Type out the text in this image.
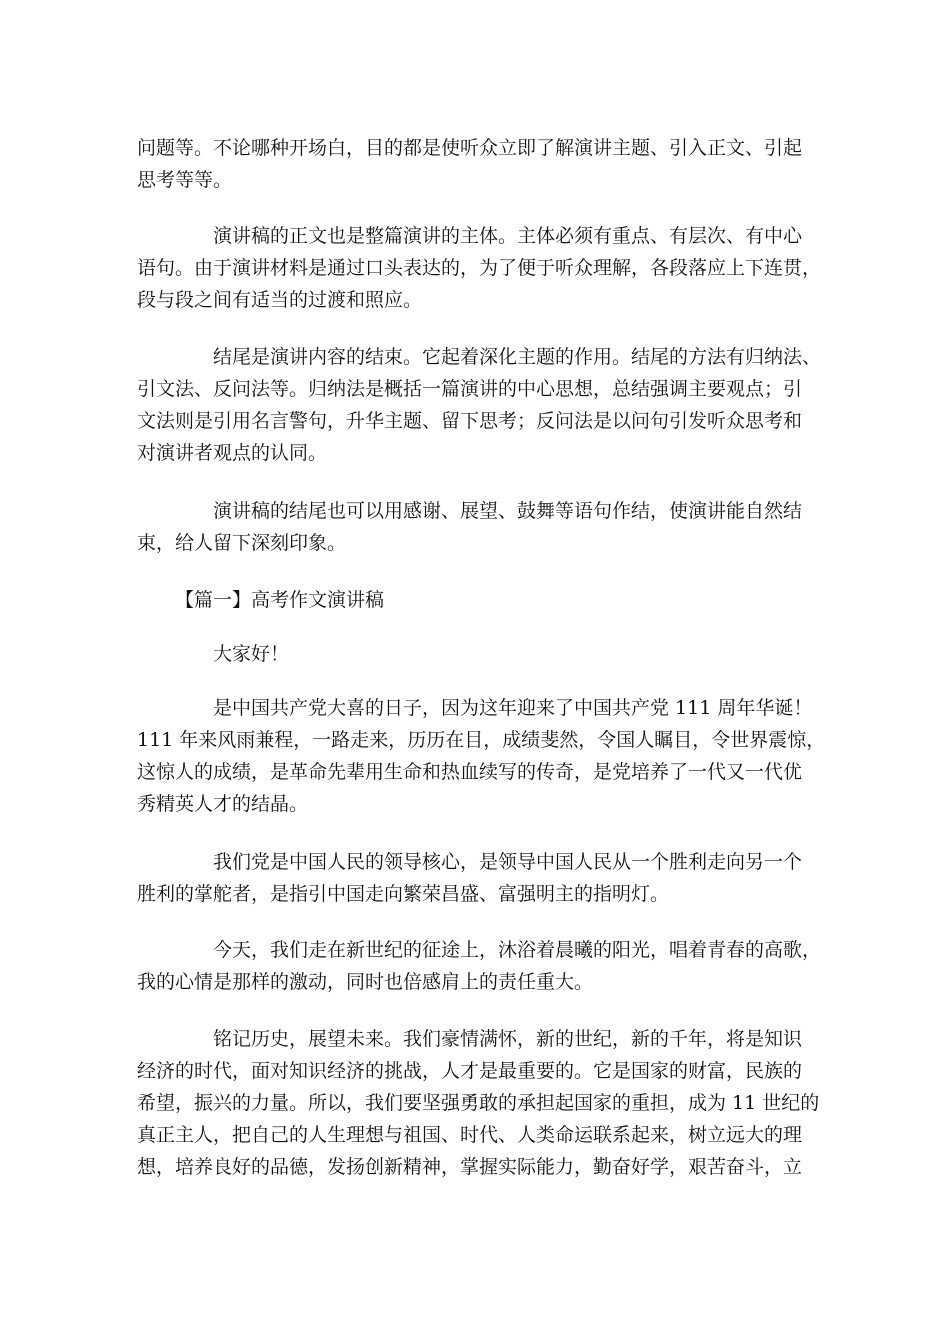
问题等。不论哪种开场白，目的都是使听众立即了解演讲主题、引入正文、引起
思考等等。

演讲稿的正文也是整篇演讲的主体。主体必须有重点、有层次、有中心
语句。由于演讲材料是通过口头表达的，为了便于听众理解，各段落应上下连贯，
段与段之间有适当的过渡和照应。

结尾是演讲内容的结束。它起着深化主题的作用。结尾的方法有归纳法、
引文法、反问法等。归纳法是概括一篇演讲的中心思想，总结强调主要观点；引
文法则是引用名言警句，升华主题、留下思考；反问法是以问句引发听众思考和
对演讲者观点的认同。

演讲稿的结尾也可以用感谢、展望、鼓舞等语句作结，使演讲能自然结
束，给人留下深刻印象。

【篇一】高考作文演讲稿

大家好！

是中国共产党大喜的日子，因为这年迎来了中国共产党 111 周年华诞！
111 年来风雨兼程，一路走来，历历在目，成绩斐然，令国人瞩目，令世界震惊，
这惊人的成绩，是革命先辈用生命和热血续写的传奇，是党培养了一代又一代优
秀精英人才的结晶。

我们党是中国人民的领导核心，是领导中国人民从一个胜利走向另一个
胜利的掌舵者，是指引中国走向繁荣昌盛、富强明主的指明灯。

今天，我们走在新世纪的征途上，沐浴着晨曦的阳光，唱着青春的高歌，
我的心情是那样的激动，同时也倍感肩上的责任重大。

铭记历史，展望未来。我们豪情满怀，新的世纪，新的千年，将是知识
经济的时代，面对知识经济的挑战，人才是最重要的。它是国家的财富，民族的
希望，振兴的力量。所以，我们要坚强勇敢的承担起国家的重担，成为 11 世纪的
真正主人，把自己的人生理想与祖国、时代、人类命运联系起来，树立远大的理
想，培养良好的品德，发扬创新精神，掌握实际能力，勤奋好学，艰苦奋斗，立
